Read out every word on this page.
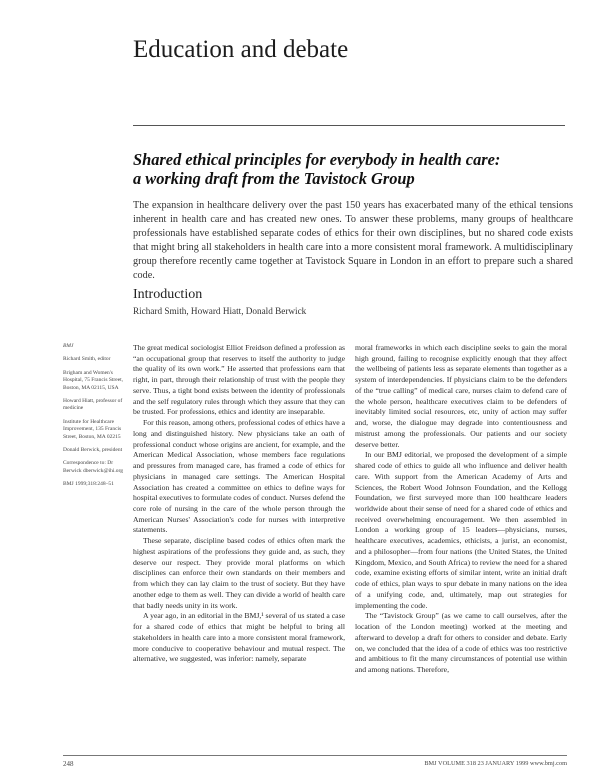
Education and debate
Shared ethical principles for everybody in health care:
a working draft from the Tavistock Group
The expansion in healthcare delivery over the past 150 years has exacerbated many of the ethical tensions inherent in health care and has created new ones. To answer these problems, many groups of healthcare professionals have established separate codes of ethics for their own disciplines, but no shared code exists that might bring all stakeholders in health care into a more consistent moral framework. A multidisciplinary group therefore recently came together at Tavistock Square in London in an effort to prepare such a shared code.
Introduction
Richard Smith, Howard Hiatt, Donald Berwick
BMJ
Richard Smith, editor
Brigham and Women's Hospital, 75 Francis Street, Boston, MA 02115, USA
Howard Hiatt, professor of medicine
Institute for Healthcare Improvement, 135 Francis Street, Boston, MA 02215
Donald Berwick, president
Correspondence to: Dr Berwick dberwick@ihi.org
BMJ 1999;318:248–51

The great medical sociologist Elliot Freidson defined a profession as “an occupational group that reserves to itself the authority to judge the quality of its own work.” He asserted that professions earn that right, in part, through their relationship of trust with the people they serve. Thus, a tight bond exists between the identity of professionals and the self regulatory rules through which they assure that they can be trusted. For professions, ethics and identity are inseparable.

For this reason, among others, professional codes of ethics have a long and distinguished history. New physicians take an oath of professional conduct whose origins are ancient, for example, and the American Medical Association, whose members face regulations and pressures from managed care, has framed a code of ethics for physicians in managed care settings. The American Hospital Association has created a committee on ethics to define ways for hospital executives to formulate codes of conduct. Nurses defend the core role of nursing in the care of the whole person through the American Nurses' Association's code for nurses with interpretive statements.

These separate, discipline based codes of ethics often mark the highest aspirations of the professions they guide and, as such, they deserve our respect. They provide moral platforms on which disciplines can enforce their own standards on their members and from which they can lay claim to the trust of society. But they have another edge to them as well. They can divide a world of health care that badly needs unity in its work.

A year ago, in an editorial in the BMJ,¹ several of us stated a case for a shared code of ethics that might be helpful to bring all stakeholders in health care into a more consistent moral framework, more conducive to cooperative behaviour and mutual respect. The alternative, we suggested, was inferior: namely, separate

moral frameworks in which each discipline seeks to gain the moral high ground, failing to recognise explicitly enough that they affect the wellbeing of patients less as separate elements than together as a system of interdependencies. If physicians claim to be the defenders of the “true calling” of medical care, nurses claim to defend care of the whole person, healthcare executives claim to be defenders of inevitably limited social resources, etc, unity of action may suffer and, worse, the dialogue may degrade into contentiousness and mistrust among the professionals. Our patients and our society deserve better.

In our BMJ editorial, we proposed the development of a simple shared code of ethics to guide all who influence and deliver health care. With support from the American Academy of Arts and Sciences, the Robert Wood Johnson Foundation, and the Kellogg Foundation, we first surveyed more than 100 healthcare leaders worldwide about their sense of need for a shared code of ethics and received overwhelming encouragement. We then assembled in London a working group of 15 leaders—physicians, nurses, healthcare executives, academics, ethicists, a jurist, an economist, and a philosopher—from four nations (the United States, the United Kingdom, Mexico, and South Africa) to review the need for a shared code, examine existing efforts of similar intent, write an initial draft code of ethics, plan ways to spur debate in many nations on the idea of a unifying code, and, ultimately, map out strategies for implementing the code.

The “Tavistock Group” (as we came to call ourselves, after the location of the London meeting) worked at the meeting and afterward to develop a draft for others to consider and debate. Early on, we concluded that the idea of a code of ethics was too restrictive and ambitious to fit the many circumstances of potential use within and among nations. Therefore,

248	BMJ VOLUME 318 23 JANUARY 1999 www.bmj.com
